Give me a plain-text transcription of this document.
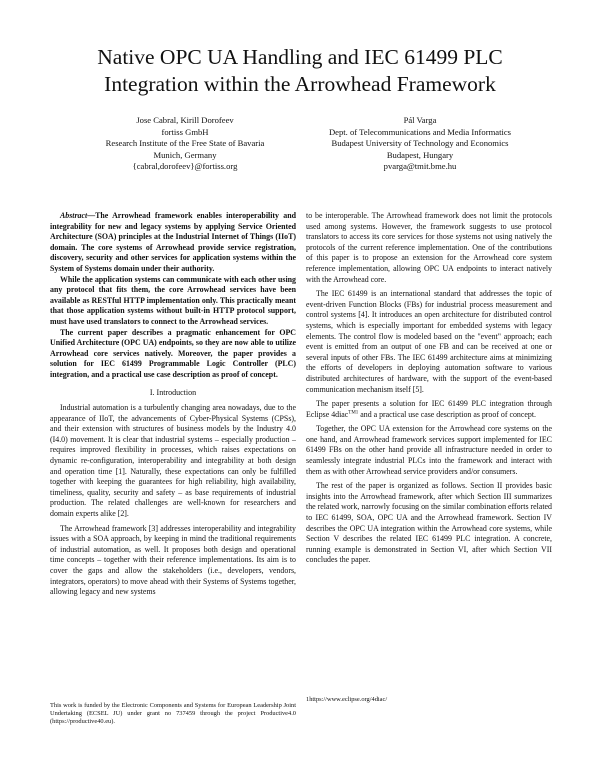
Native OPC UA Handling and IEC 61499 PLC
Integration within the Arrowhead Framework
Jose Cabral, Kirill Dorofeev
fortiss GmbH
Research Institute of the Free State of Bavaria
Munich, Germany
{cabral,dorofeev}@fortiss.org
Pál Varga
Dept. of Telecommunications and Media Informatics
Budapest University of Technology and Economics
Budapest, Hungary
pvarga@tmit.bme.hu

Abstract—The Arrowhead framework enables interoperability and integrability for new and legacy systems by applying Service Oriented Architecture (SOA) principles at the Industrial Internet of Things (IIoT) domain. The core systems of Arrowhead provide service registration, discovery, security and other services for application systems within the System of Systems domain under their authority.

While the application systems can communicate with each other using any protocol that fits them, the core Arrowhead services have been available as RESTful HTTP implementation only. This practically meant that those application systems without built-in HTTP protocol support, must have used translators to connect to the Arrowhead services.

The current paper describes a pragmatic enhancement for OPC Unified Architecture (OPC UA) endpoints, so they are now able to utilize Arrowhead core services natively. Moreover, the paper provides a solution for IEC 61499 Programmable Logic Controller (PLC) integration, and a practical use case description as proof of concept.

I. Introduction

Industrial automation is a turbulently changing area nowadays, due to the appearance of IIoT, the advancements of Cyber-Physical Systems (CPSs), and their extension with structures of business models by the Industry 4.0 (I4.0) movement. It is clear that industrial systems – especially production – requires improved flexibility in processes, which raises expectations on dynamic re-configuration, interoperability and integrability at both design and operation time [1]. Naturally, these expectations can only be fulfilled together with keeping the guarantees for high reliability, high availability, timeliness, quality, security and safety – as base requirements of industrial production. The related challenges are well-known for researchers and domain experts alike [2].

The Arrowhead framework [3] addresses interoperability and integrability issues with a SOA approach, by keeping in mind the traditional requirements of industrial automation, as well. It proposes both design and operational time concepts – together with their reference implementations. Its aim is to cover the gaps and allow the stakeholders (i.e., developers, vendors, integrators, operators) to move ahead with their Systems of Systems together, allowing legacy and new systems

to be interoperable. The Arrowhead framework does not limit the protocols used among systems. However, the framework suggests to use protocol translators to access its core services for those systems not using natively the protocols of the current reference implementation. One of the contributions of this paper is to propose an extension for the Arrowhead core system reference implementation, allowing OPC UA endpoints to interact natively with the Arrowhead core.

The IEC 61499 is an international standard that addresses the topic of event-driven Function Blocks (FBs) for industrial process measurement and control systems [4]. It introduces an open architecture for distributed control systems, which is especially important for embedded systems with legacy elements. The control flow is modeled based on the "event" approach; each event is emitted from an output of one FB and can be received at one or several inputs of other FBs. The IEC 61499 architecture aims at minimizing the efforts of developers in deploying automation software to various distributed architectures of hardware, with the support of the event-based communication mechanism itself [5].

The paper presents a solution for IEC 61499 PLC integration through Eclipse 4diac$^{TM1}$ and a practical use case description as proof of concept.

Together, the OPC UA extension for the Arrowhead core systems on the one hand, and Arrowhead framework services support implemented for IEC 61499 FBs on the other hand provide all infrastructure needed in order to seamlessly integrate industrial PLCs into the framework and interact with them as with other Arrowhead service providers and/or consumers.

The rest of the paper is organized as follows. Section II provides basic insights into the Arrowhead framework, after which Section III summarizes the related work, narrowly focusing on the similar combination efforts related to IEC 61499, SOA, OPC UA and the Arrowhead framework. Section IV describes the OPC UA integration within the Arrowhead core systems, while Section V describes the related IEC 61499 PLC integration. A concrete, running example is demonstrated in Section VI, after which Section VII concludes the paper.

This work is funded by the Electronic Components and Systems for European Leadership Joint Undertaking (ECSEL JU) under grant no 737459 through the project Productive4.0 (https://productive40.eu).
1https://www.eclipse.org/4diac/
